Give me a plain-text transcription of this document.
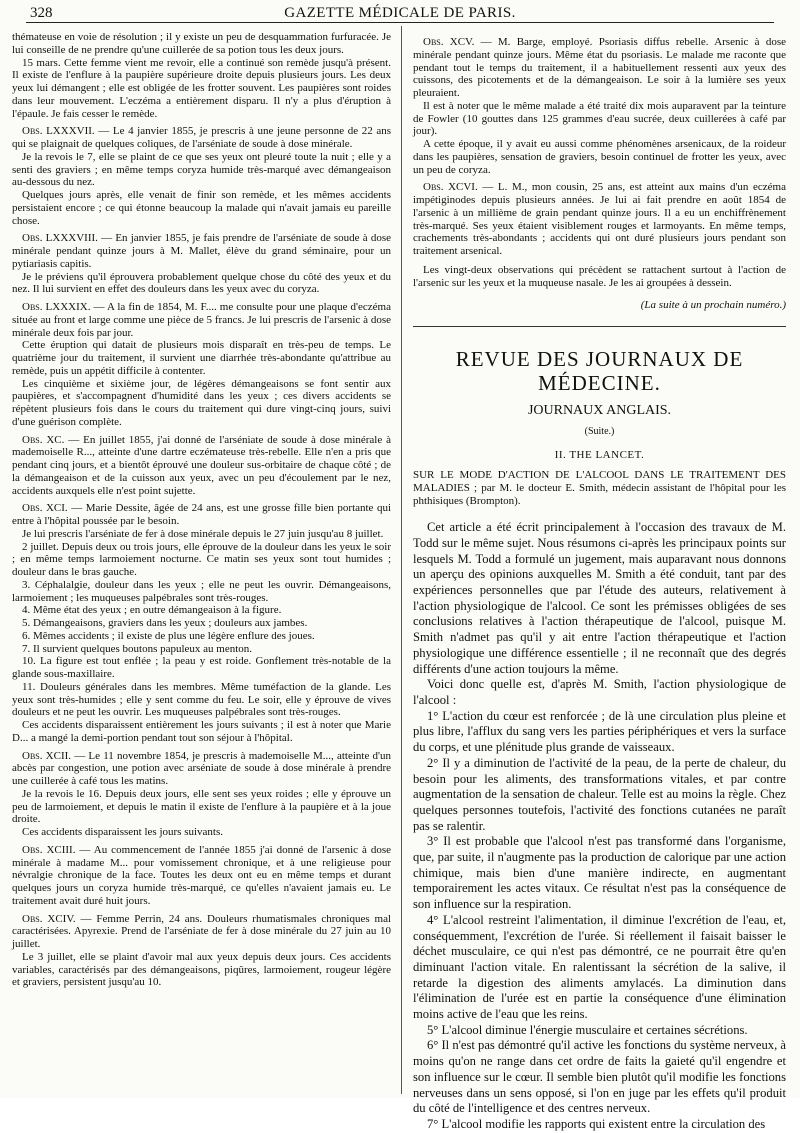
328	GAZETTE MÉDICALE DE PARIS.

thémateuse en voie de résolution ; il y existe un peu de desquammation furfuracée. Je lui conseille de ne prendre qu'une cuillerée de sa potion tous les deux jours.

15 mars. Cette femme vient me revoir, elle a continué son remède jusqu'à présent. Il existe de l'enflure à la paupière supérieure droite depuis plusieurs jours. Les deux yeux lui démangent ; elle est obligée de les frotter souvent. Les paupières sont roides dans leur mouvement. L'eczéma a entièrement disparu. Il n'y a plus d'éruption à l'épaule. Je fais cesser le remède.

Obs. LXXXVII. — Le 4 janvier 1855, je prescris à une jeune personne de 22 ans qui se plaignait de quelques coliques, de l'arséniate de soude à dose minérale.

Je la revois le 7, elle se plaint de ce que ses yeux ont pleuré toute la nuit ; elle y a senti des graviers ; en même temps coryza humide très-marqué avec démangeaison au-dessous du nez.

Quelques jours après, elle venait de finir son remède, et les mêmes accidents persistaient encore ; ce qui étonne beaucoup la malade qui n'avait jamais eu pareille chose.

Obs. LXXXVIII. — En janvier 1855, je fais prendre de l'arséniate de soude à dose minérale pendant quinze jours à M. Mallet, élève du grand séminaire, pour un pytiariasis capitis.

Je le préviens qu'il éprouvera probablement quelque chose du côté des yeux et du nez. Il lui survient en effet des douleurs dans les yeux avec du coryza.

Obs. LXXXIX. — A la fin de 1854, M. F.... me consulte pour une plaque d'eczéma située au front et large comme une pièce de 5 francs. Je lui prescris de l'arsenic à dose minérale deux fois par jour.

Cette éruption qui datait de plusieurs mois disparaît en très-peu de temps. Le quatrième jour du traitement, il survient une diarrhée très-abondante qu'attribue au remède, puis un appétit difficile à contenter.

Les cinquième et sixième jour, de légères démangeaisons se font sentir aux paupières, et s'accompagnent d'humidité dans les yeux ; ces divers accidents se répètent plusieurs fois dans le cours du traitement qui dure vingt-cinq jours, suivi d'une guérison complète.

Obs. XC. — En juillet 1855, j'ai donné de l'arséniate de soude à dose minérale à mademoiselle R..., atteinte d'une dartre eczémateuse très-rebelle. Elle n'en a pris que pendant cinq jours, et a bientôt éprouvé une douleur sus-orbitaire de chaque côté ; de la démangeaison et de la cuisson aux yeux, avec un peu d'écoulement par le nez, accidents auxquels elle n'est point sujette.

Obs. XCI. — Marie Dessite, âgée de 24 ans, est une grosse fille bien portante qui entre à l'hôpital poussée par le besoin.

Je lui prescris l'arséniate de fer à dose minérale depuis le 27 juin jusqu'au 8 juillet.

2 juillet. Depuis deux ou trois jours, elle éprouve de la douleur dans les yeux le soir ; en même temps larmoiement nocturne. Ce matin ses yeux sont tout humides ; douleur dans le bras gauche.

3. Céphalalgie, douleur dans les yeux ; elle ne peut les ouvrir. Démangeaisons, larmoiement ; les muqueuses palpébrales sont très-rouges.

4. Même état des yeux ; en outre démangeaison à la figure.

5. Démangeaisons, graviers dans les yeux ; douleurs aux jambes.

6. Mêmes accidents ; il existe de plus une légère enflure des joues.

7. Il survient quelques boutons papuleux au menton.

10. La figure est tout enflée ; la peau y est roide. Gonflement très-notable de la glande sous-maxillaire.

11. Douleurs générales dans les membres. Même tuméfaction de la glande. Les yeux sont très-humides ; elle y sent comme du feu. Le soir, elle y éprouve de vives douleurs et ne peut les ouvrir. Les muqueuses palpébrales sont très-rouges.

Ces accidents disparaissent entièrement les jours suivants ; il est à noter que Marie D... a mangé la demi-portion pendant tout son séjour à l'hôpital.

Obs. XCII. — Le 11 novembre 1854, je prescris à mademoiselle M..., atteinte d'un abcès par congestion, une potion avec arséniate de soude à dose minérale à prendre une cuillerée à café tous les matins.

Je la revois le 16. Depuis deux jours, elle sent ses yeux roides ; elle y éprouve un peu de larmoiement, et depuis le matin il existe de l'enflure à la paupière et à la joue droite.

Ces accidents disparaissent les jours suivants.

Obs. XCIII. — Au commencement de l'année 1855 j'ai donné de l'arsenic à dose minérale à madame M... pour vomissement chronique, et à une religieuse pour névralgie chronique de la face. Toutes les deux ont eu en même temps et durant quelques jours un coryza humide très-marqué, ce qu'elles n'avaient jamais eu. Le traitement avait duré huit jours.

Obs. XCIV. — Femme Perrin, 24 ans. Douleurs rhumatismales chroniques mal caractérisées. Apyrexie. Prend de l'arséniate de fer à dose minérale du 27 juin au 10 juillet.

Le 3 juillet, elle se plaint d'avoir mal aux yeux depuis deux jours. Ces accidents variables, caractérisés par des démangeaisons, piqûres, larmoiement, rougeur légère et graviers, persistent jusqu'au 10.

Obs. XCV. — M. Barge, employé. Psoriasis diffus rebelle. Arsenic à dose minérale pendant quinze jours. Même état du psoriasis. Le malade me raconte que pendant tout le temps du traitement, il a habituellement ressenti aux yeux des cuissons, des picotements et de la démangeaison. Le soir à la lumière ses yeux pleuraient.

Il est à noter que le même malade a été traité dix mois auparavent par la teinture de Fowler (10 gouttes dans 125 grammes d'eau sucrée, deux cuillerées à café par jour).

A cette époque, il y avait eu aussi comme phénomènes arsenicaux, de la roideur dans les paupières, sensation de graviers, besoin continuel de frotter les yeux, avec un peu de coryza.

Obs. XCVI. — L. M., mon cousin, 25 ans, est atteint aux mains d'un eczéma impétiginodes depuis plusieurs années. Je lui ai fait prendre en août 1854 de l'arsenic à un millième de grain pendant quinze jours. Il a eu un enchiffrènement très-marqué. Ses yeux étaient visiblement rouges et larmoyants. En même temps, crachements très-abondants ; accidents qui ont duré plusieurs jours pendant son traitement arsenical.

Les vingt-deux observations qui précèdent se rattachent surtout à l'action de l'arsenic sur les yeux et la muqueuse nasale. Je les ai groupées à dessein.

(La suite à un prochain numéro.)

REVUE DES JOURNAUX DE MÉDECINE.
JOURNAUX ANGLAIS.
(Suite.)
II. THE LANCET.

SUR LE MODE D'ACTION DE L'ALCOOL DANS LE TRAITEMENT DES MALADIES ; par M. le docteur E. Smith, médecin assistant de l'hôpital pour les phthisiques (Brompton).

Cet article a été écrit principalement à l'occasion des travaux de M. Todd sur le même sujet. Nous résumons ci-après les principaux points sur lesquels M. Todd a formulé un jugement, mais auparavant nous donnons un aperçu des opinions auxquelles M. Smith a été conduit, tant par des expériences personnelles que par l'étude des auteurs, relativement à l'action physiologique de l'alcool. Ce sont les prémisses obligées de ses conclusions relatives à l'action thérapeutique de l'alcool, puisque M. Smith n'admet pas qu'il y ait entre l'action thérapeutique et l'action physiologique une différence essentielle ; il ne reconnaît que des degrés différents d'une action toujours la même.

Voici donc quelle est, d'après M. Smith, l'action physiologique de l'alcool :

1° L'action du cœur est renforcée ; de là une circulation plus pleine et plus libre, l'afflux du sang vers les parties périphériques et vers la surface du corps, et une plénitude plus grande de vaisseaux.

2° Il y a diminution de l'activité de la peau, de la perte de chaleur, du besoin pour les aliments, des transformations vitales, et par contre augmentation de la sensation de chaleur. Telle est au moins la règle. Chez quelques personnes toutefois, l'activité des fonctions cutanées ne paraît pas se ralentir.

3° Il est probable que l'alcool n'est pas transformé dans l'organisme, que, par suite, il n'augmente pas la production de calorique par une action chimique, mais bien d'une manière indirecte, en augmentant temporairement les actes vitaux. Ce résultat n'est pas la conséquence de son influence sur la respiration.

4° L'alcool restreint l'alimentation, il diminue l'excrétion de l'eau, et, conséquemment, l'excrétion de l'urée. Si réellement il faisait baisser le déchet musculaire, ce qui n'est pas démontré, ce ne pourrait être qu'en diminuant l'action vitale. En ralentissant la sécrétion de la salive, il retarde la digestion des aliments amylacés. La diminution dans l'élimination de l'urée est en partie la conséquence d'une élimination moins active de l'eau que les reins.

5° L'alcool diminue l'énergie musculaire et certaines sécrétions.

6° Il n'est pas démontré qu'il active les fonctions du système nerveux, à moins qu'on ne range dans cet ordre de faits la gaieté qu'il engendre et son influence sur le cœur. Il semble bien plutôt qu'il modifie les fonctions nerveuses dans un sens opposé, si l'on en juge par les effets qu'il produit du côté de l'intelligence et des centres nerveux.

7° L'alcool modifie les rapports qui existent entre la circulation des
